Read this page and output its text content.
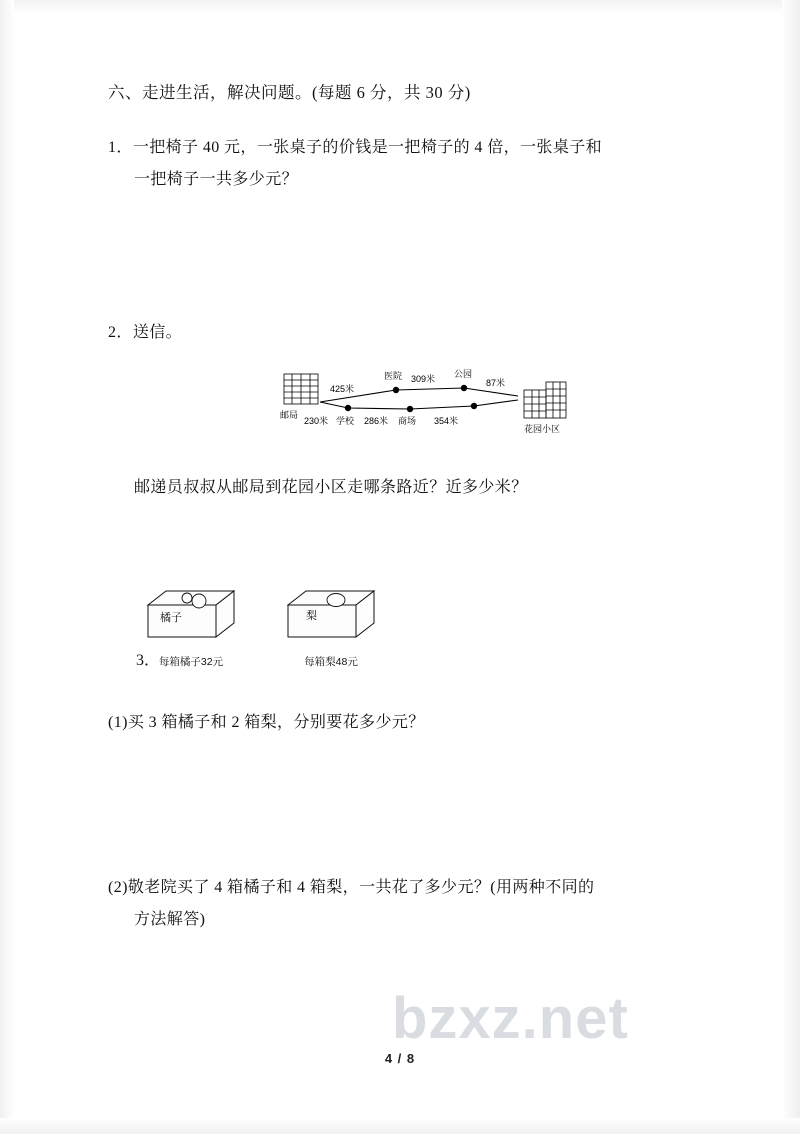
六、走进生活，解决问题。(每题 6 分，共 30 分)
1．一把椅子 40 元，一张桌子的价钱是一把椅子的 4 倍，一张桌子和
一把椅子一共多少元？
2．送信。
邮局
学校
医院
商场
公园
花园小区
425米
309米	87米
230米	286米	354米
邮递员叔叔从邮局到花园小区走哪条路近？近多少米？
橘子
每箱橘子32元
梨
每箱梨48元
3．
(1)买 3 箱橘子和 2 箱梨，分别要花多少元？
(2)敬老院买了 4 箱橘子和 4 箱梨，一共花了多少元？(用两种不同的
方法解答)
4 / 8
bzxz.net
